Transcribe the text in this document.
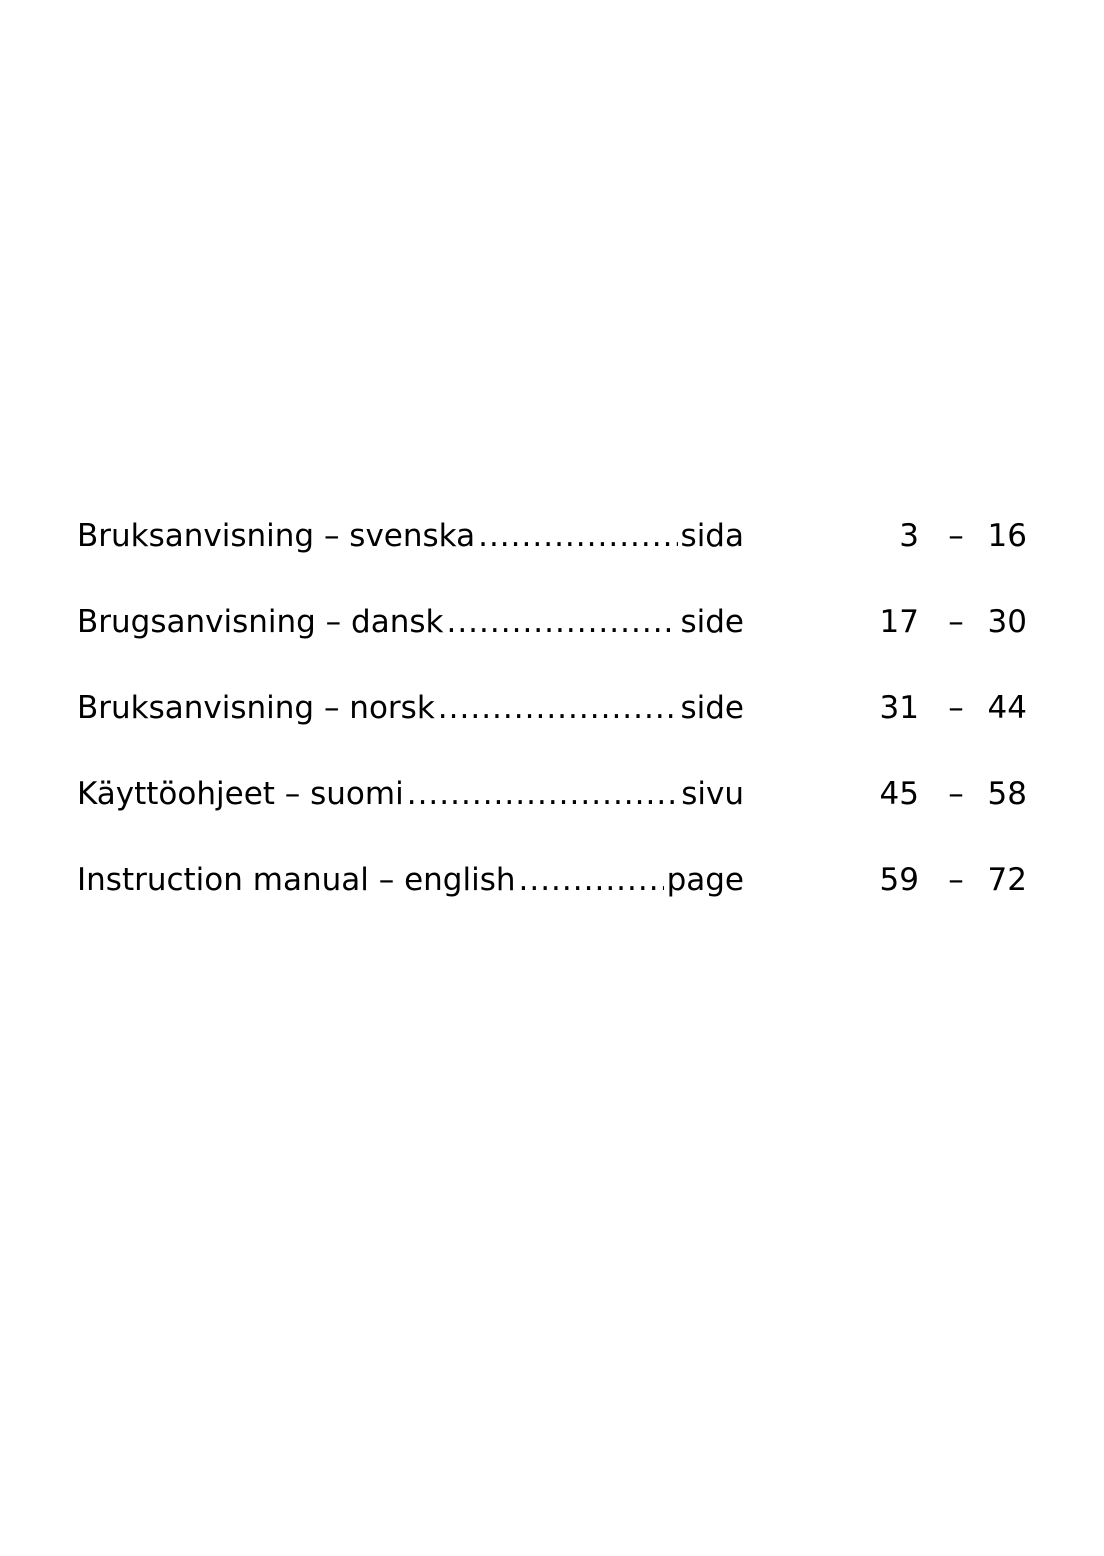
Bruksanvisning – svenska .....	sida	3 – 16
Brugsanvisning – dansk .....	side	17 – 30
Bruksanvisning – norsk .....	side	31 – 44
Käyttöohjeet – suomi .....	sivu	45 – 58
Instruction manual – english .....	page	59 – 72
